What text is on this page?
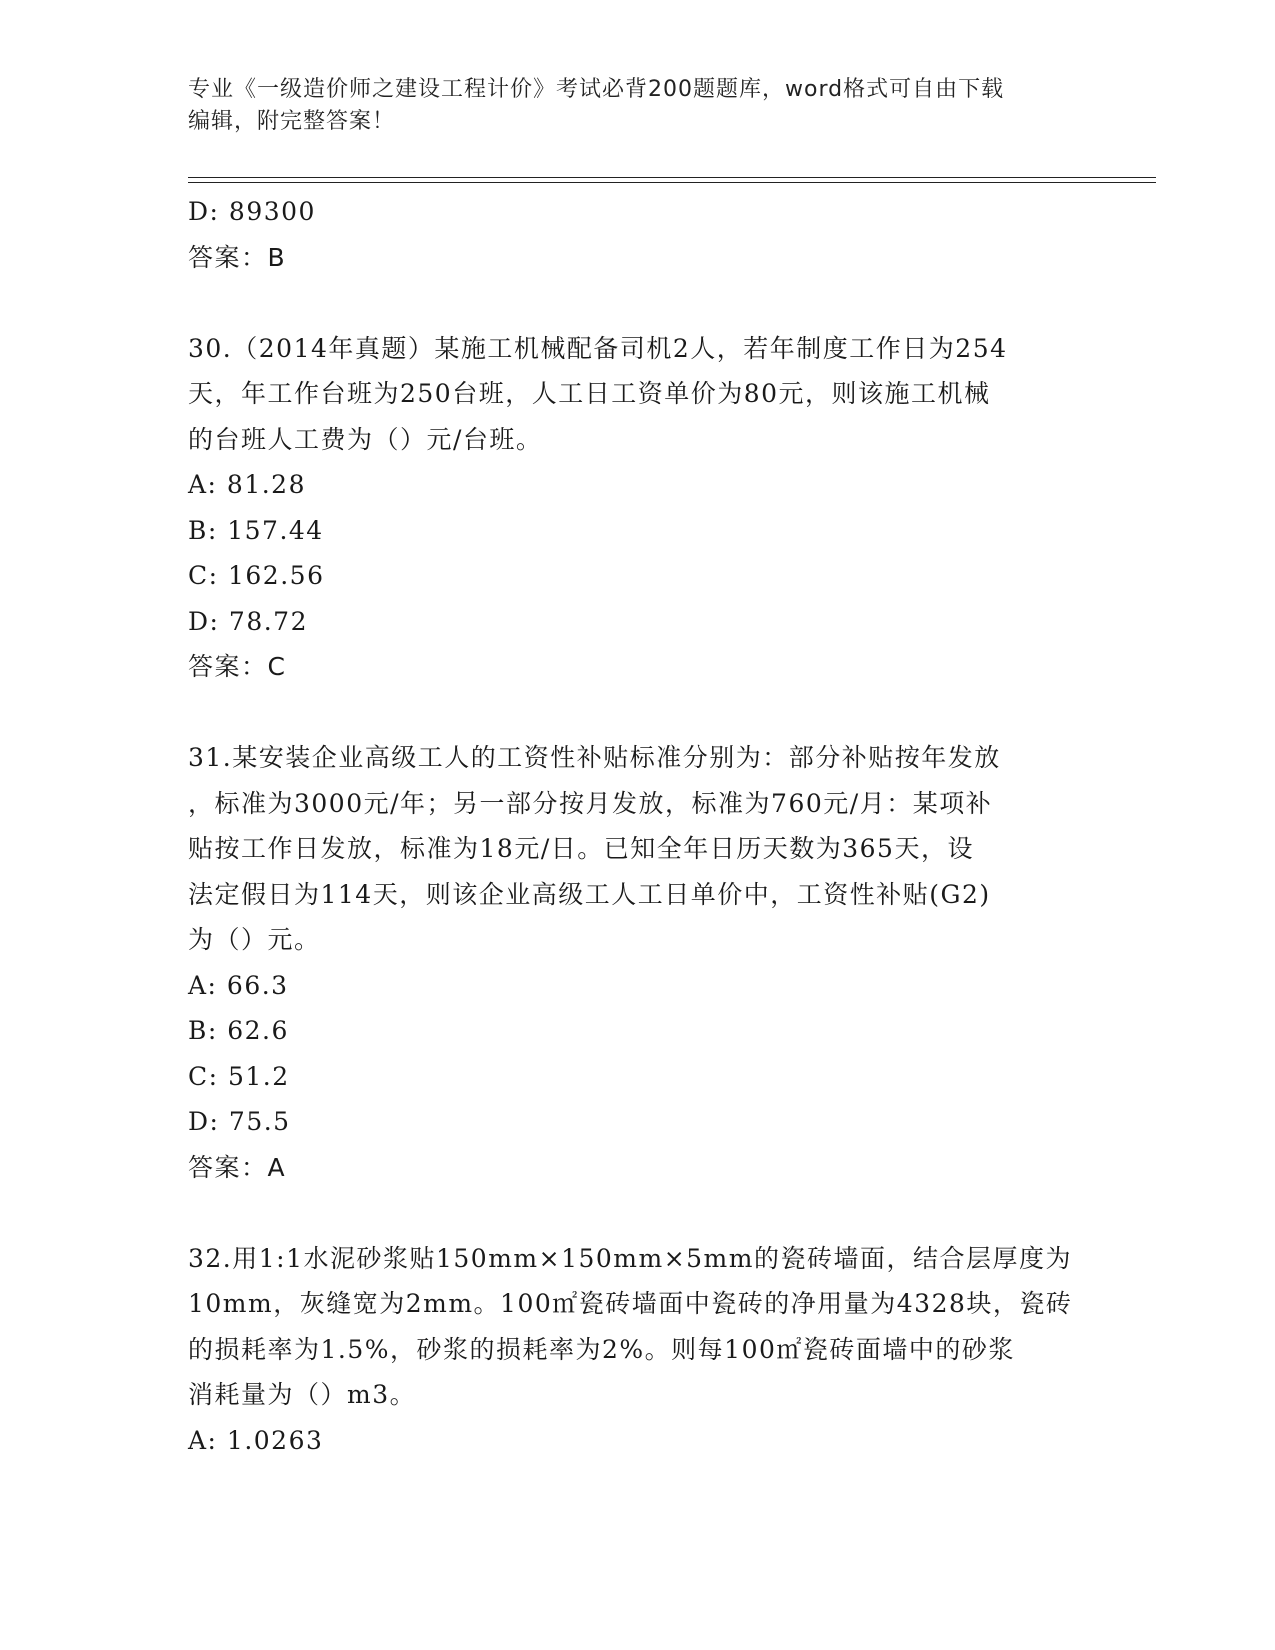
专业《一级造价师之建设工程计价》考试必背200题题库，word格式可自由下载
编辑，附完整答案！
D: 89300
答案：B
30.（2014年真题）某施工机械配备司机2人，若年制度工作日为254
天，年工作台班为250台班，人工日工资单价为80元，则该施工机械
的台班人工费为（）元/台班。
A: 81.28
B: 157.44
C: 162.56
D: 78.72
答案：C
31.某安装企业高级工人的工资性补贴标准分别为：部分补贴按年发放
，标准为3000元/年；另一部分按月发放，标准为760元/月：某项补
贴按工作日发放，标准为18元/日。已知全年日历天数为365天，设
法定假日为114天，则该企业高级工人工日单价中，工资性补贴(G2)
为（）元。
A: 66.3
B: 62.6
C: 51.2
D: 75.5
答案：A
32.用1:1水泥砂浆贴150mm×150mm×5mm的瓷砖墙面，结合层厚度为
10mm，灰缝宽为2mm。100㎡瓷砖墙面中瓷砖的净用量为4328块，瓷砖
的损耗率为1.5%，砂浆的损耗率为2%。则每100㎡瓷砖面墙中的砂浆
消耗量为（）m3。
A: 1.0263
